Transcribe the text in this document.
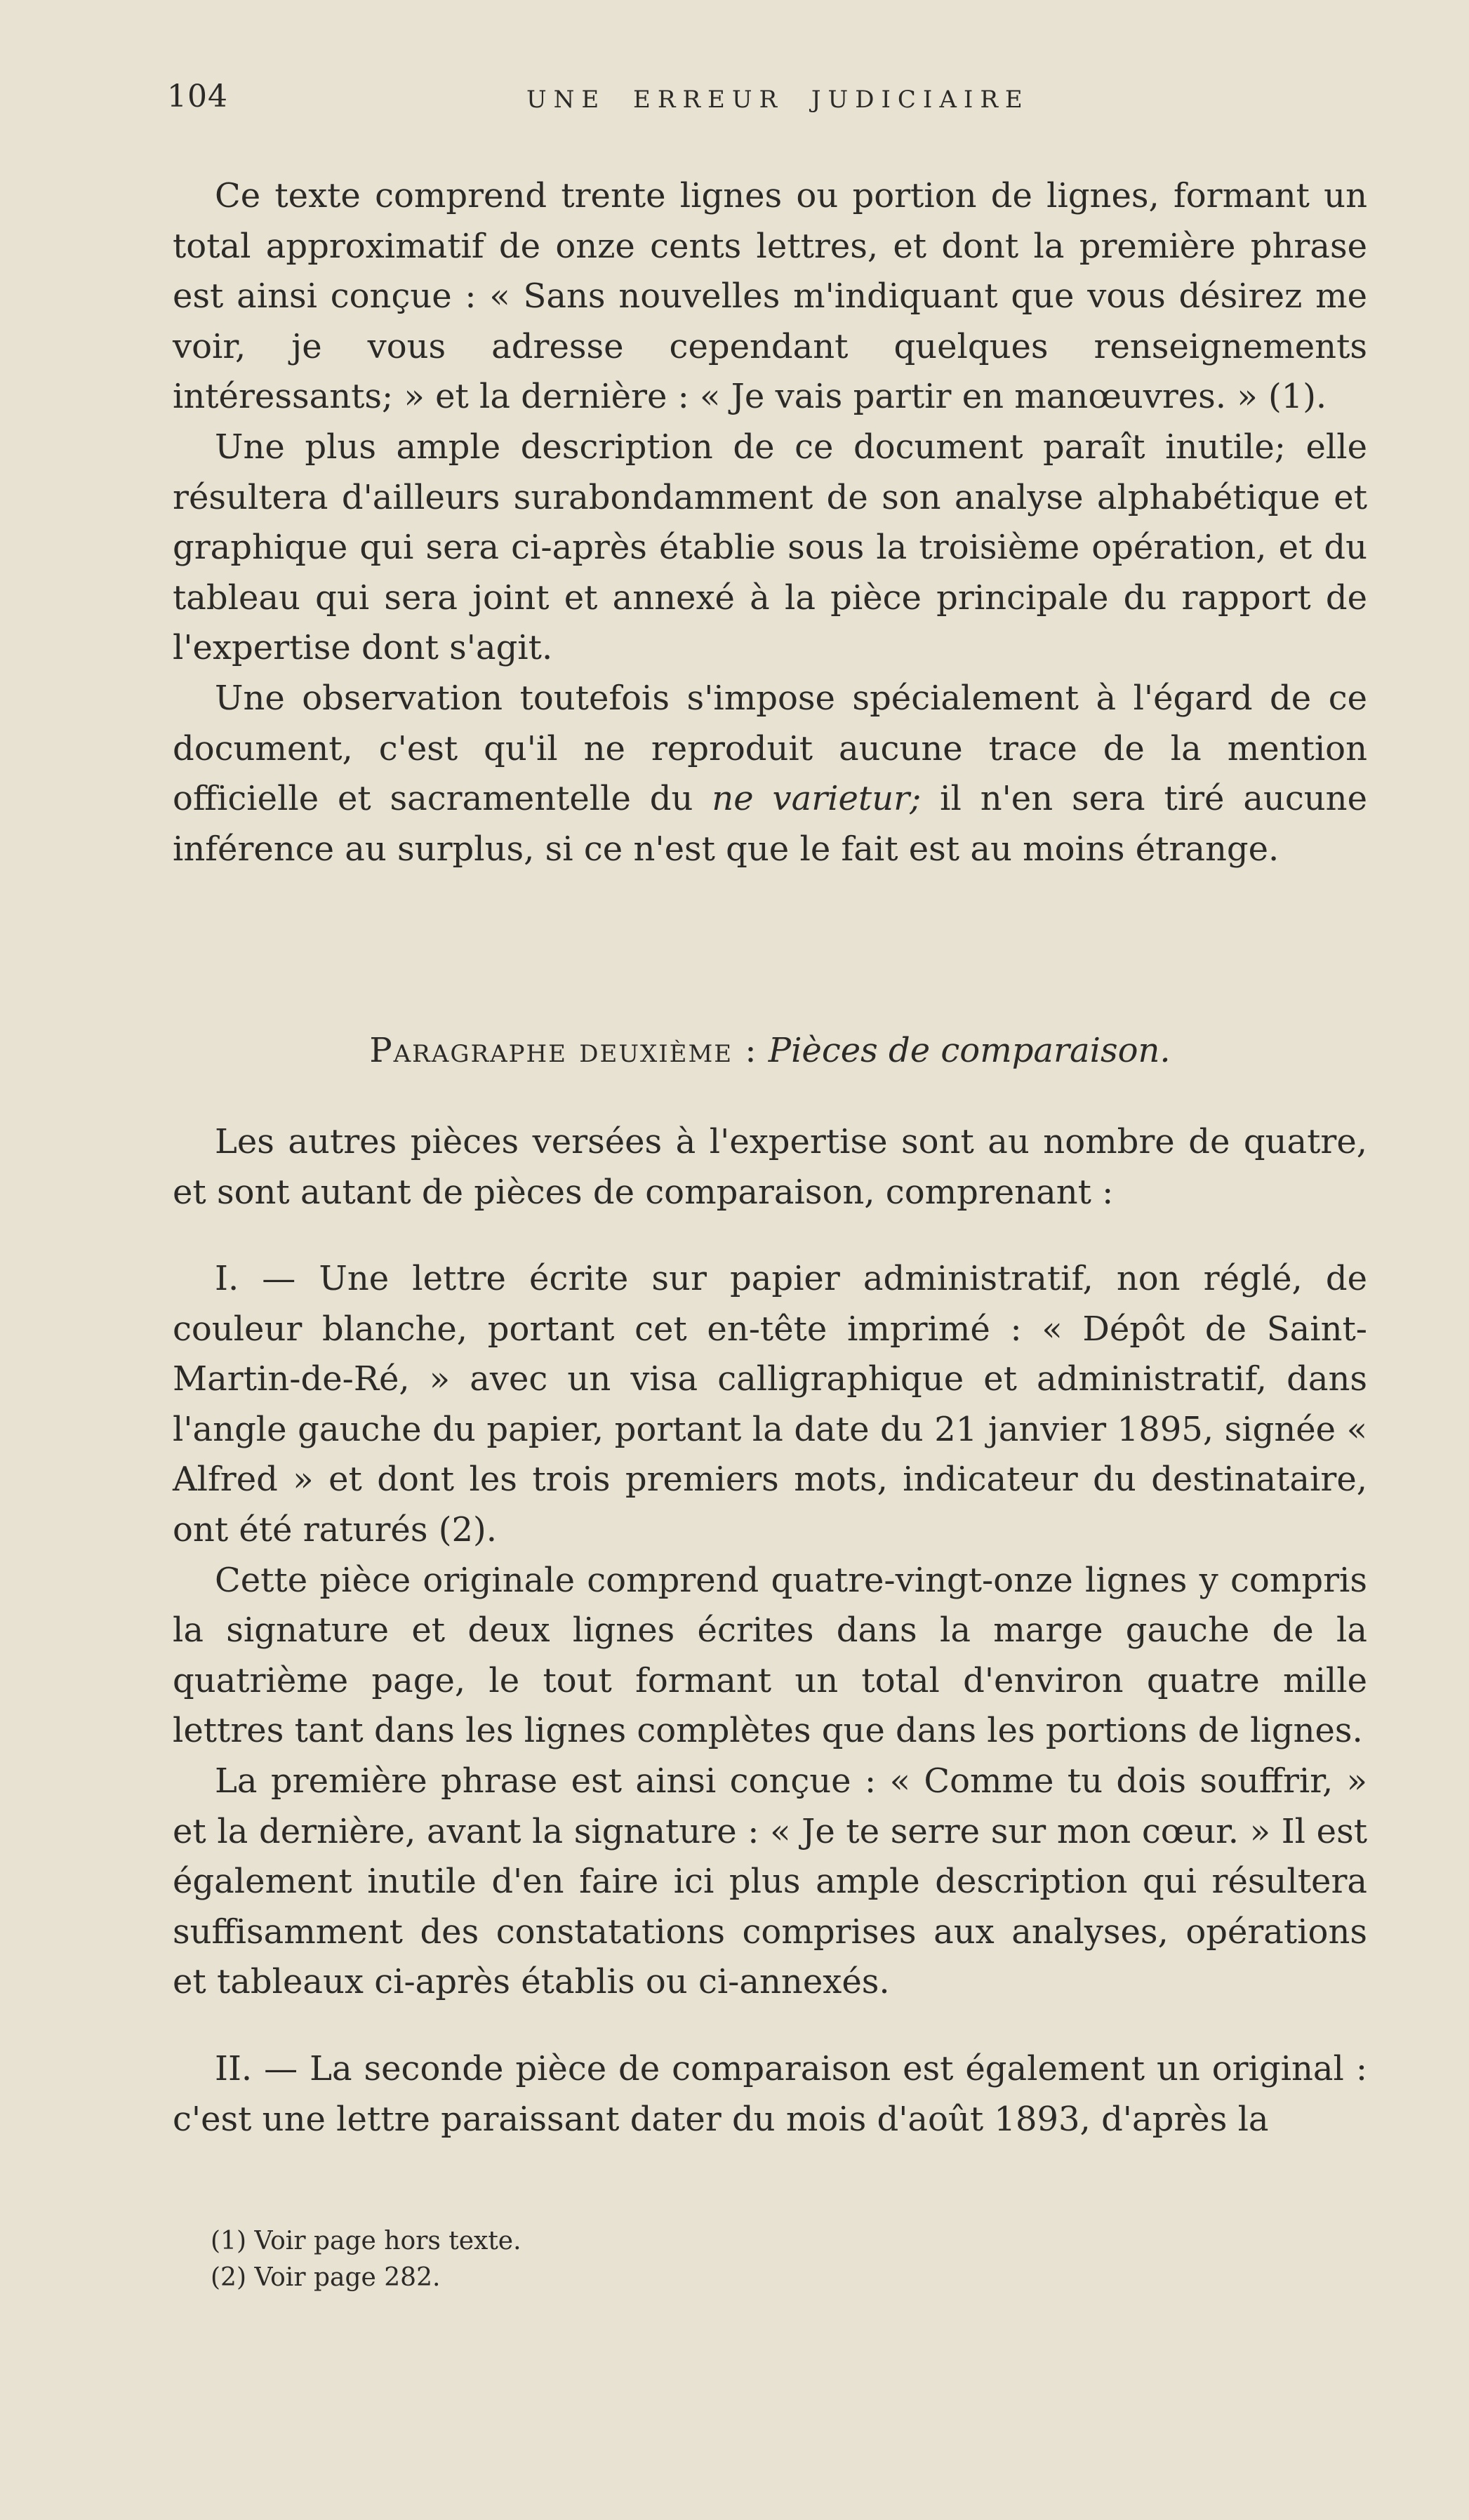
104	UNE ERREUR JUDICIAIRE

Ce texte comprend trente lignes ou portion de lignes, formant un total approximatif de onze cents lettres, et dont la première phrase est ainsi conçue : « Sans nouvelles m'indiquant que vous désirez me voir, je vous adresse cependant quelques renseignements intéressants; » et la dernière : « Je vais partir en manœuvres. » (1).

Une plus ample description de ce document paraît inutile; elle résultera d'ailleurs surabondamment de son analyse alphabétique et graphique qui sera ci-après établie sous la troisième opération, et du tableau qui sera joint et annexé à la pièce principale du rapport de l'expertise dont s'agit.

Une observation toutefois s'impose spécialement à l'égard de ce document, c'est qu'il ne reproduit aucune trace de la mention officielle et sacramentelle du ne varietur; il n'en sera tiré aucune inférence au surplus, si ce n'est que le fait est au moins étrange.

Paragraphe deuxième : Pièces de comparaison.

Les autres pièces versées à l'expertise sont au nombre de quatre, et sont autant de pièces de comparaison, comprenant :

I. — Une lettre écrite sur papier administratif, non réglé, de couleur blanche, portant cet en-tête imprimé : « Dépôt de Saint-Martin-de-Ré, » avec un visa calligraphique et administratif, dans l'angle gauche du papier, portant la date du 21 janvier 1895, signée « Alfred » et dont les trois premiers mots, indicateur du destinataire, ont été raturés (2).

Cette pièce originale comprend quatre-vingt-onze lignes y compris la signature et deux lignes écrites dans la marge gauche de la quatrième page, le tout formant un total d'environ quatre mille lettres tant dans les lignes complètes que dans les portions de lignes.

La première phrase est ainsi conçue : « Comme tu dois souffrir, » et la dernière, avant la signature : « Je te serre sur mon cœur. » Il est également inutile d'en faire ici plus ample description qui résultera suffisamment des constatations comprises aux analyses, opérations et tableaux ci-après établis ou ci-annexés.

II. — La seconde pièce de comparaison est également un original : c'est une lettre paraissant dater du mois d'août 1893, d'après la

(1) Voir page hors texte.
(2) Voir page 282.
